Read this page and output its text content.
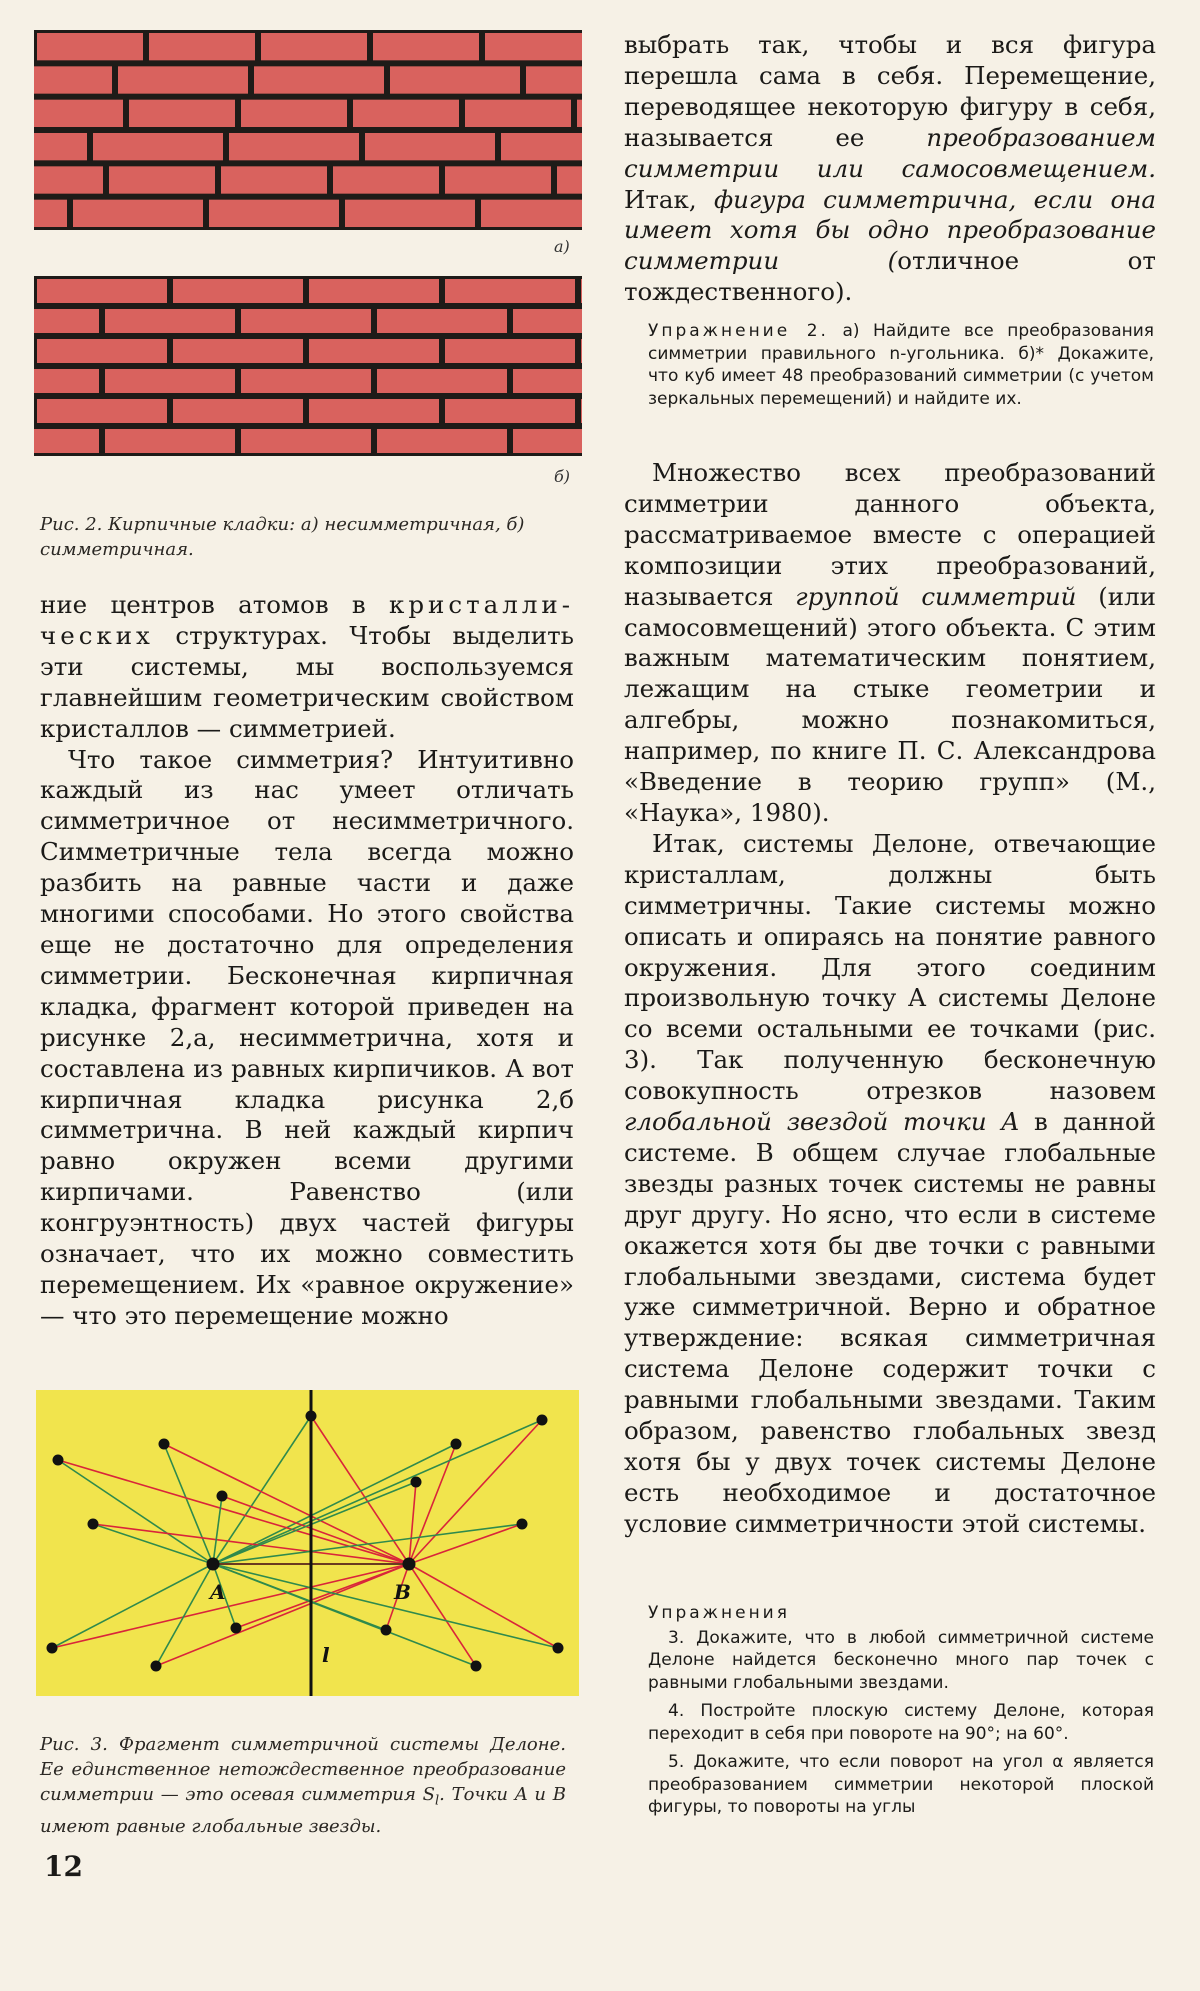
а)
б)
Рис. 2. Кирпичные кладки: а) несимметричная, б) симметричная.

ние центров атомов в кристалли-ческих структурах. Чтобы выделить эти системы, мы воспользуемся главнейшим геометрическим свойством кристаллов — симметрией.

Что такое симметрия? Интуитивно каждый из нас умеет отличать симметричное от несимметричного. Симметричные тела всегда можно разбить на равные части и даже многими способами. Но этого свойства еще не достаточно для определения симметрии. Бесконечная кирпичная кладка, фрагмент которой приведен на рисунке 2,а, несимметрична, хотя и составлена из равных кирпичиков. А вот кирпичная кладка рисунка 2,б симметрична. В ней каждый кирпич равно окружен всеми другими кирпичами. Равенство (или конгруэнтность) двух частей фигуры означает, что их можно совместить перемещением. Их «равное окружение» — что это перемещение можно

A	B
l
Рис. 3. Фрагмент симметричной системы Делоне. Ее единственное нетождественное преобразование симметрии — это осевая симметрия $S_l$. Точки A и B имеют равные глобальные звезды.

выбрать так, чтобы и вся фигура перешла сама в себя. Перемещение, переводящее некоторую фигуру в себя, называется ее преобразованием симметрии или самосовмещением. Итак, фигура симметрична, если она имеет хотя бы одно преобразование симметрии (отличное от тождественного).

Упражнение 2. а) Найдите все преобразования симметрии правильного n-угольника. б)* Докажите, что куб имеет 48 преобразований симметрии (с учетом зеркальных перемещений) и найдите их.

Множество всех преобразований симметрии данного объекта, рассматриваемое вместе с операцией композиции этих преобразований, называется группой симметрий (или самосовмещений) этого объекта. С этим важным математическим понятием, лежащим на стыке геометрии и алгебры, можно познакомиться, например, по книге П. С. Александрова «Введение в теорию групп» (М., «Наука», 1980).

Итак, системы Делоне, отвечающие кристаллам, должны быть симметричны. Такие системы можно описать и опираясь на понятие равного окружения. Для этого соединим произвольную точку A системы Делоне со всеми остальными ее точками (рис. 3). Так полученную бесконечную совокупность отрезков назовем глобальной звездой точки A в данной системе. В общем случае глобальные звезды разных точек системы не равны друг другу. Но ясно, что если в системе окажется хотя бы две точки с равными глобальными звездами, система будет уже симметричной. Верно и обратное утверждение: всякая симметричная система Делоне содержит точки с равными глобальными звездами. Таким образом, равенство глобальных звезд хотя бы у двух точек системы Делоне есть необходимое и достаточное условие симметричности этой системы.

Упражнения

3. Докажите, что в любой симметричной системе Делоне найдется бесконечно много пар точек с равными глобальными звездами.

4. Постройте плоскую систему Делоне, которая переходит в себя при повороте на 90°; на 60°.

5. Докажите, что если поворот на угол α является преобразованием симметрии некоторой плоской фигуры, то повороты на углы

12
